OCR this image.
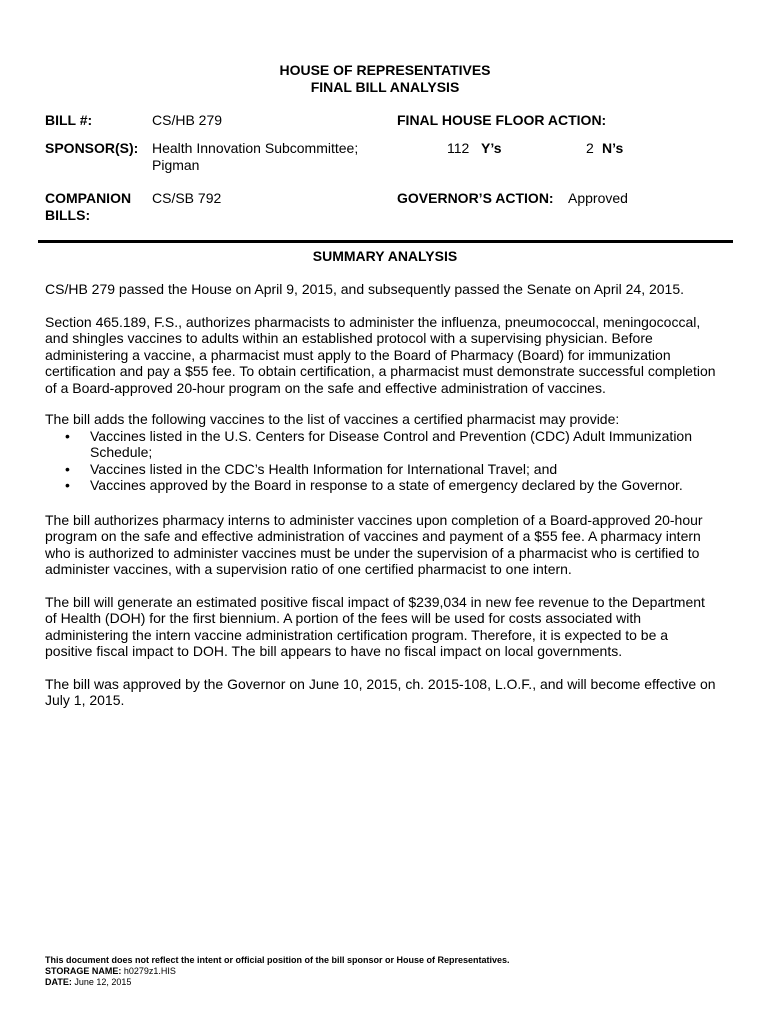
HOUSE OF REPRESENTATIVES
FINAL BILL ANALYSIS
BILL #:	CS/HB 279
SPONSOR(S): Health Innovation Subcommittee;
Pigman
COMPANION
BILLS:
CS/SB 792
FINAL HOUSE FLOOR ACTION:
112 Y’s	2 N’s
GOVERNOR’S ACTION: Approved
SUMMARY ANALYSIS
CS/HB 279 passed the House on April 9, 2015, and subsequently passed the Senate on April 24, 2015.
Section 465.189, F.S., authorizes pharmacists to administer the influenza, pneumococcal, meningococcal, and shingles vaccines to adults within an established protocol with a supervising physician. Before administering a vaccine, a pharmacist must apply to the Board of Pharmacy (Board) for immunization certification and pay a $55 fee. To obtain certification, a pharmacist must demonstrate successful completion of a Board-approved 20-hour program on the safe and effective administration of vaccines.
The bill adds the following vaccines to the list of vaccines a certified pharmacist may provide:
• Vaccines listed in the U.S. Centers for Disease Control and Prevention (CDC) Adult Immunization Schedule;
• Vaccines listed in the CDC’s Health Information for International Travel; and
• Vaccines approved by the Board in response to a state of emergency declared by the Governor.
The bill authorizes pharmacy interns to administer vaccines upon completion of a Board-approved 20-hour program on the safe and effective administration of vaccines and payment of a $55 fee. A pharmacy intern who is authorized to administer vaccines must be under the supervision of a pharmacist who is certified to administer vaccines, with a supervision ratio of one certified pharmacist to one intern.
The bill will generate an estimated positive fiscal impact of $239,034 in new fee revenue to the Department of Health (DOH) for the first biennium. A portion of the fees will be used for costs associated with administering the intern vaccine administration certification program. Therefore, it is expected to be a positive fiscal impact to DOH. The bill appears to have no fiscal impact on local governments.
The bill was approved by the Governor on June 10, 2015, ch. 2015-108, L.O.F., and will become effective on July 1, 2015.
This document does not reflect the intent or official position of the bill sponsor or House of Representatives.
STORAGE NAME: h0279z1.HIS
DATE: June 12, 2015
